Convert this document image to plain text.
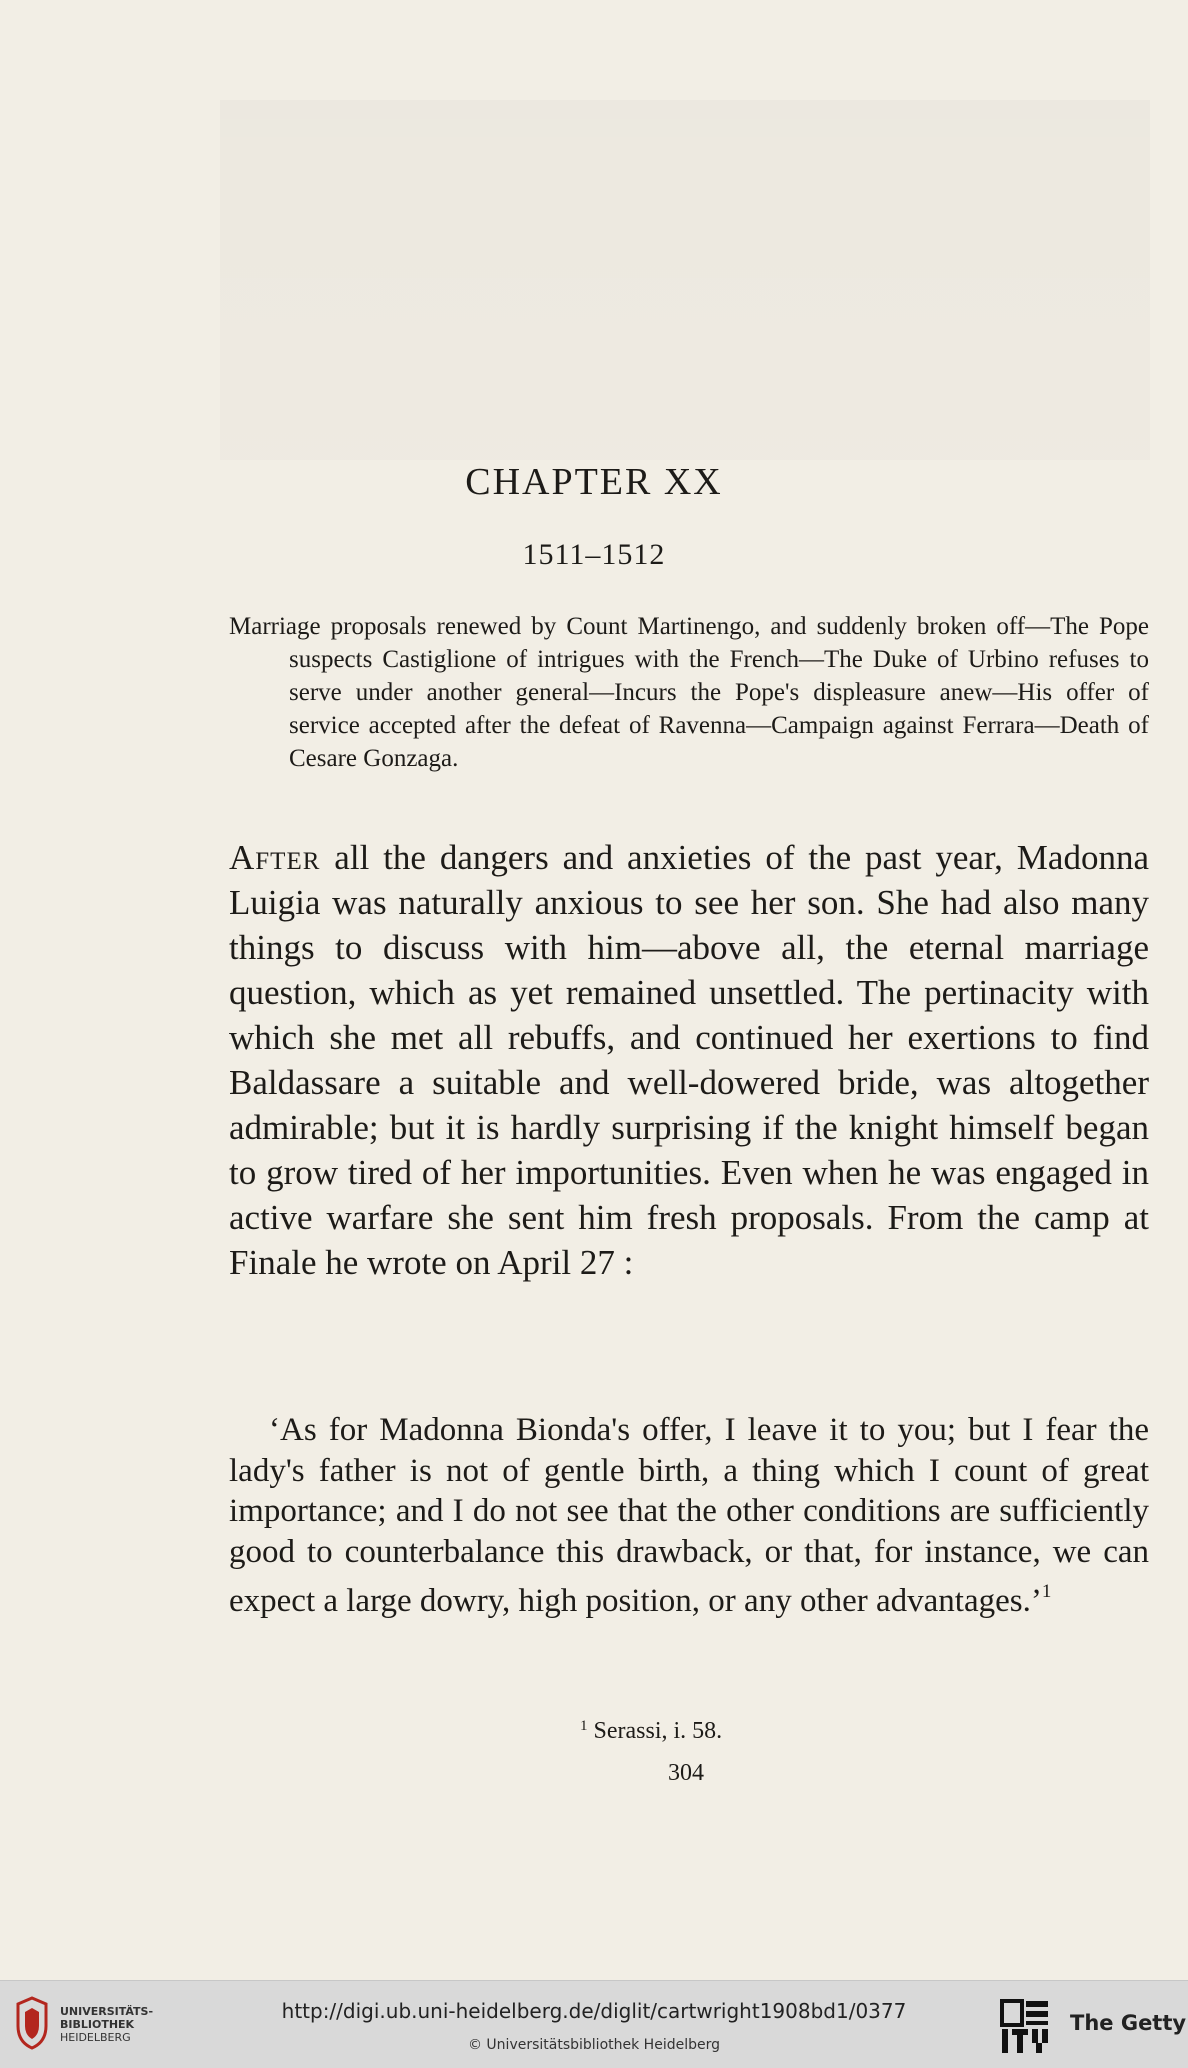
CHAPTER XX
1511–1512
Marriage proposals renewed by Count Martinengo, and suddenly broken off—The Pope suspects Castiglione of intrigues with the French—The Duke of Urbino refuses to serve under another general—Incurs the Pope's displeasure anew—His offer of service accepted after the defeat of Ravenna—Campaign against Ferrara—Death of Cesare Gonzaga.

After all the dangers and anxieties of the past year, Madonna Luigia was naturally anxious to see her son. She had also many things to discuss with him—above all, the eternal marriage question, which as yet remained unsettled. The pertinacity with which she met all rebuffs, and continued her exertions to find Baldassare a suitable and well-dowered bride, was altogether admirable; but it is hardly surprising if the knight himself began to grow tired of her importunities. Even when he was engaged in active warfare she sent him fresh proposals. From the camp at Finale he wrote on April 27 :

‘As for Madonna Bionda's offer, I leave it to you; but I fear the lady's father is not of gentle birth, a thing which I count of great importance; and I do not see that the other conditions are sufficiently good to counterbalance this drawback, or that, for instance, we can expect a large dowry, high position, or any other advantages.’$^1$
$^1$ Serassi, i. 58.
304
UNIVERSITÄTS-
BIBLIOTHEK
HEIDELBERG
http://digi.ub.uni-heidelberg.de/diglit/cartwright1908bd1/0377
© Universitätsbibliothek Heidelberg
The Getty
